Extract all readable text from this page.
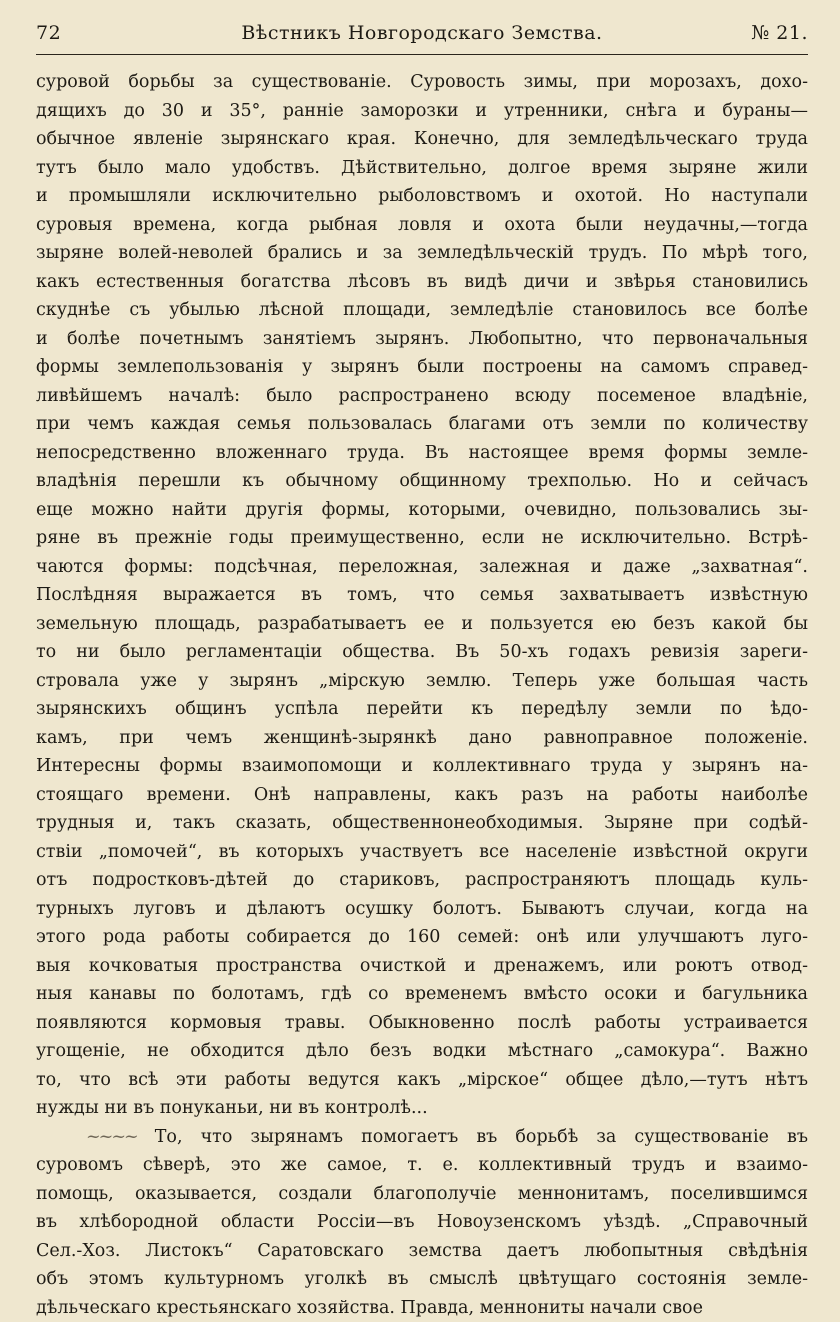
72	Вѣстникъ Новгородскаго Земства.	№ 21.
суровой борьбы за существованіе. Суровость зимы, при морозахъ, дохо-
дящихъ до 30 и 35°, ранніе заморозки и утренники, снѣга и бураны—
обычное явленіе зырянскаго края. Конечно, для земледѣльческаго труда
тутъ было мало удобствъ. Дѣйствительно, долгое время зыряне жили
и промышляли исключительно рыболовствомъ и охотой. Но наступали
суровыя времена, когда рыбная ловля и охота были неудачны,—тогда
зыряне волей-неволей брались и за земледѣльческій трудъ. По мѣрѣ того,
какъ естественныя богатства лѣсовъ въ видѣ дичи и звѣрья становились
скуднѣе съ убылью лѣсной площади, земледѣліе становилось все болѣе
и болѣе почетнымъ занятіемъ зырянъ. Любопытно, что первоначальныя
формы землепользованія у зырянъ были построены на самомъ справед-
ливѣйшемъ началѣ: было распространено всюду посеменое владѣніе,
при чемъ каждая семья пользовалась благами отъ земли по количеству
непосредственно вложеннаго труда. Въ настоящее время формы земле-
владѣнія перешли къ обычному общинному трехполью. Но и сейчасъ
еще можно найти другія формы, которыми, очевидно, пользовались зы-
ряне въ прежніе годы преимущественно, если не исключительно. Встрѣ-
чаются формы: подсѣчная, переложная, залежная и даже „захватная“.
Послѣдняя выражается въ томъ, что семья захватываетъ извѣстную
земельную площадь, разрабатываетъ ее и пользуется ею безъ какой бы
то ни было регламентаціи общества. Въ 50-хъ годахъ ревизія зареги-
стровала уже у зырянъ „мірскую землю. Теперь уже большая часть
зырянскихъ общинъ успѣла перейти къ передѣлу земли по ѣдо-
камъ, при чемъ женщинѣ-зырянкѣ дано равноправное положеніе.
Интересны формы взаимопомощи и коллективнаго труда у зырянъ на-
стоящаго времени. Онѣ направлены, какъ разъ на работы наиболѣе
трудныя и, такъ сказать, общественнонеобходимыя. Зыряне при содѣй-
ствіи „помочей“, въ которыхъ участвуетъ все населеніе извѣстной округи
отъ подростковъ-дѣтей до стариковъ, распространяютъ площадь куль-
турныхъ луговъ и дѣлаютъ осушку болотъ. Бываютъ случаи, когда на
этого рода работы собирается до 160 семей: онѣ или улучшаютъ луго-
выя кочковатыя пространства очисткой и дренажемъ, или роютъ отвод-
ныя канавы по болотамъ, гдѣ со временемъ вмѣсто осоки и багульника
появляются кормовыя травы. Обыкновенно послѣ работы устраивается
угощеніе, не обходится дѣло безъ водки мѣстнаго „самокура“. Важно
то, что всѣ эти работы ведутся какъ „мірское“ общее дѣло,—тутъ нѣтъ
нужды ни въ понуканьи, ни въ контролѣ...
~~~~ То, что зырянамъ помогаетъ въ борьбѣ за существованіе въ
суровомъ сѣверѣ, это же самое, т. е. коллективный трудъ и взаимо-
помощь, оказывается, создали благополучіе меннонитамъ, поселившимся
въ хлѣбородной области Россіи—въ Новоузенскомъ уѣздѣ. „Справочный
Сел.-Хоз. Листокъ“ Саратовскаго земства даетъ любопытныя свѣдѣнія
объ этомъ культурномъ уголкѣ въ смыслѣ цвѣтущаго состоянія земле-
дѣльческаго крестьянскаго хозяйства. Правда, меннониты начали свое
